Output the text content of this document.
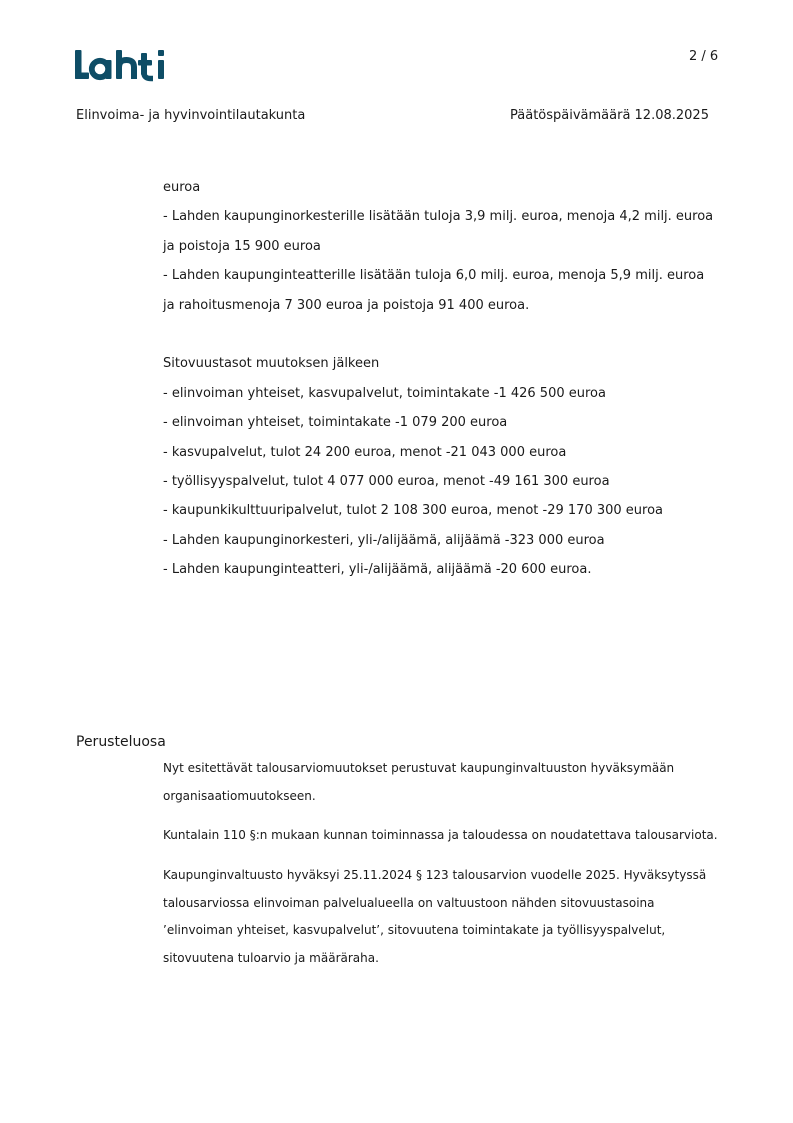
2 / 6
Elinvoima- ja hyvinvointilautakunta	Päätöspäivämäärä 12.08.2025
euroa
- Lahden kaupunginorkesterille lisätään tuloja 3,9 milj. euroa, menoja 4,2 milj. euroa
ja poistoja 15 900 euroa
- Lahden kaupunginteatterille lisätään tuloja 6,0 milj. euroa, menoja 5,9 milj. euroa
ja rahoitusmenoja 7 300 euroa ja poistoja 91 400 euroa.
Sitovuustasot muutoksen jälkeen
- elinvoiman yhteiset, kasvupalvelut, toimintakate -1 426 500 euroa
- elinvoiman yhteiset, toimintakate -1 079 200 euroa
- kasvupalvelut, tulot 24 200 euroa, menot -21 043 000 euroa
- työllisyyspalvelut, tulot 4 077 000 euroa, menot -49 161 300 euroa
- kaupunkikulttuuripalvelut, tulot 2 108 300 euroa, menot -29 170 300 euroa
- Lahden kaupunginorkesteri, yli-/alijäämä, alijäämä -323 000 euroa
- Lahden kaupunginteatteri, yli-/alijäämä, alijäämä -20 600 euroa.
Perusteluosa
Nyt esitettävät talousarviomuutokset perustuvat kaupunginvaltuuston hyväksymään
organisaatiomuutokseen.
Kuntalain 110 §:n mukaan kunnan toiminnassa ja taloudessa on noudatettava talousarviota.
Kaupunginvaltuusto hyväksyi 25.11.2024 § 123 talousarvion vuodelle 2025. Hyväksytyssä
talousarviossa elinvoiman palvelualueella on valtuustoon nähden sitovuustasoina
’elinvoiman yhteiset, kasvupalvelut’, sitovuutena toimintakate ja työllisyyspalvelut,
sitovuutena tuloarvio ja määräraha.
